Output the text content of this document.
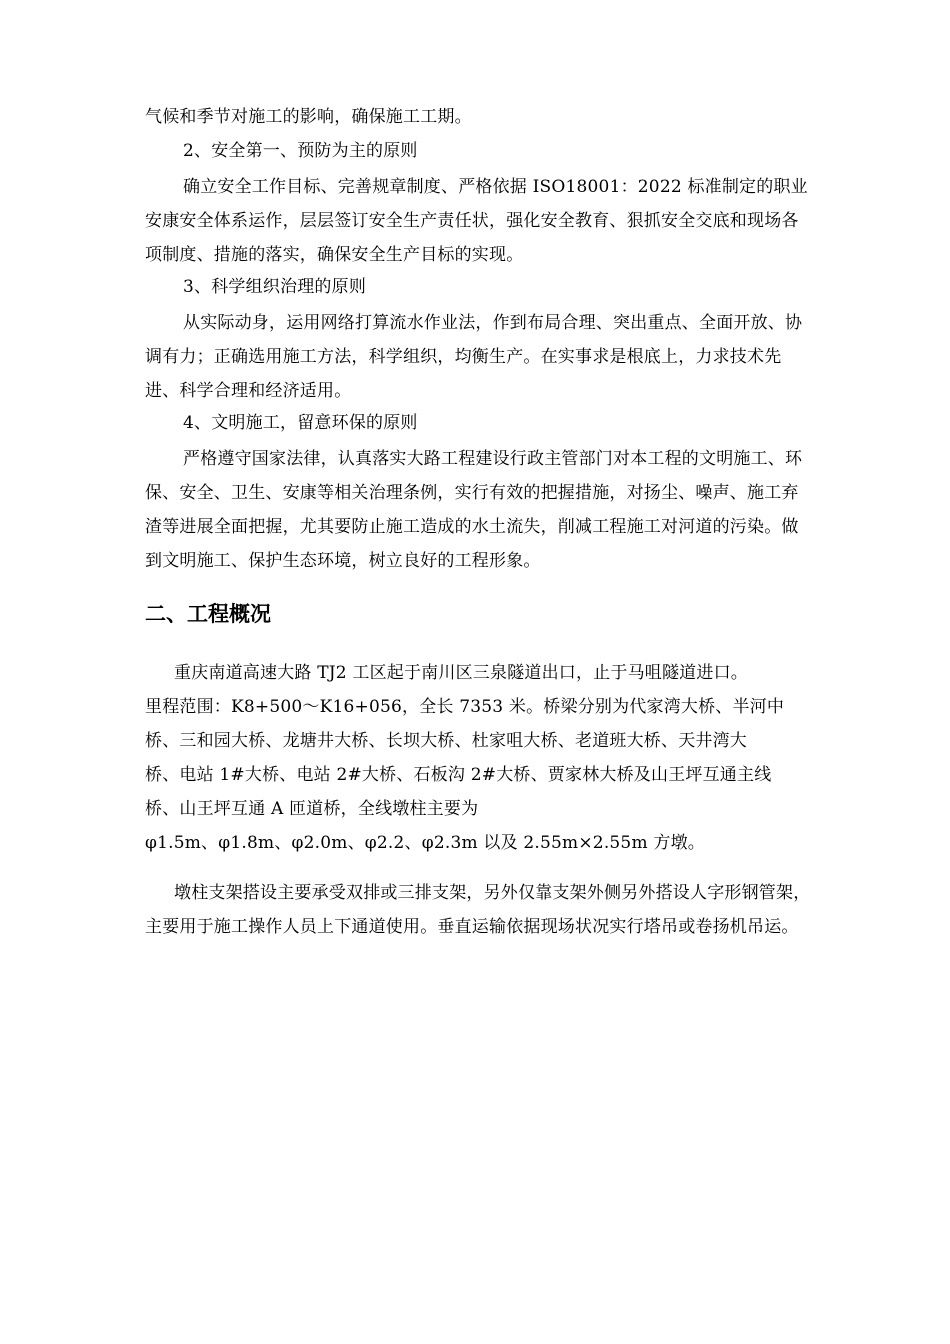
气候和季节对施工的影响，确保施工工期。

2、安全第一、预防为主的原则

确立安全工作目标、完善规章制度、严格依据 ISO18001：2022 标准制定的职业安康安全体系运作，层层签订安全生产责任状，强化安全教育、狠抓安全交底和现场各项制度、措施的落实，确保安全生产目标的实现。

3、科学组织治理的原则

从实际动身，运用网络打算流水作业法，作到布局合理、突出重点、全面开放、协调有力；正确选用施工方法，科学组织，均衡生产。在实事求是根底上，力求技术先进、科学合理和经济适用。

4、文明施工，留意环保的原则

严格遵守国家法律，认真落实大路工程建设行政主管部门对本工程的文明施工、环保、安全、卫生、安康等相关治理条例，实行有效的把握措施，对扬尘、噪声、施工弃渣等进展全面把握，尤其要防止施工造成的水土流失，削减工程施工对河道的污染。做到文明施工、保护生态环境，树立良好的工程形象。

二、工程概况
重庆南道高速大路 TJ2 工区起于南川区三泉隧道出口，止于马咀隧道进口。
里程范围：K8+500～K16+056，全长 7353 米。桥梁分别为代家湾大桥、半河中
桥、三和园大桥、龙塘井大桥、长坝大桥、杜家咀大桥、老道班大桥、天井湾大
桥、电站 1#大桥、电站 2#大桥、石板沟 2#大桥、贾家林大桥及山王坪互通主线
桥、山王坪互通 A 匝道桥，全线墩柱主要为
φ1.5m、φ1.8m、φ2.0m、φ2.2、φ2.3m 以及 2.55m×2.55m 方墩。

墩柱支架搭设主要承受双排或三排支架，另外仅靠支架外侧另外搭设人字形钢管架，主要用于施工操作人员上下通道使用。垂直运输依据现场状况实行塔吊或卷扬机吊运。
